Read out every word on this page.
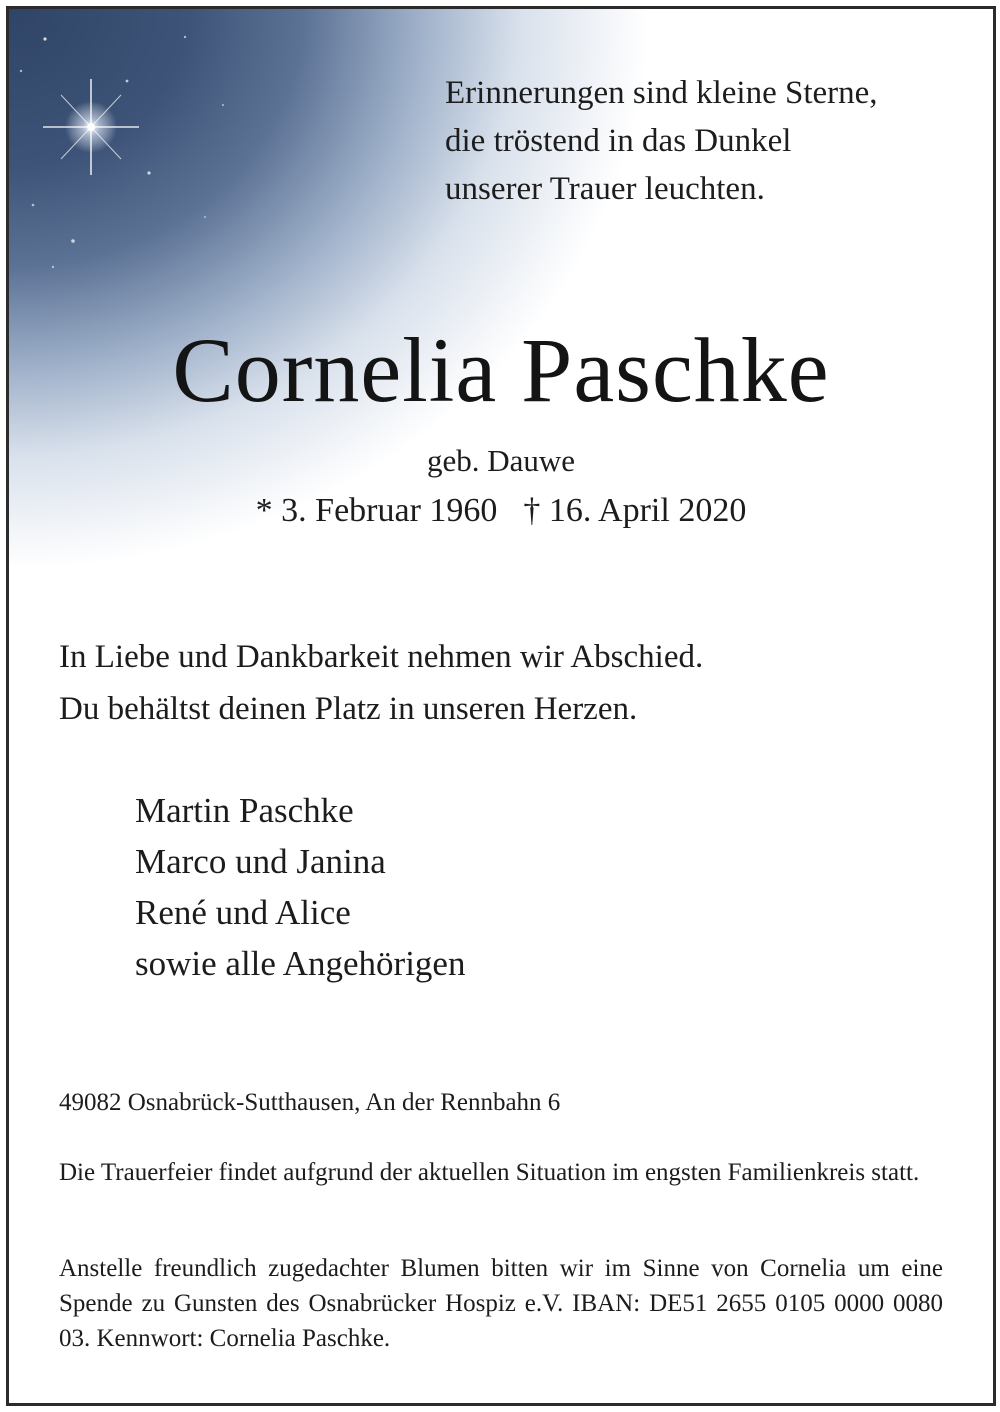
Erinnerungen sind kleine Sterne,
die tröstend in das Dunkel
unserer Trauer leuchten.
Cornelia Paschke
geb. Dauwe
* 3. Februar 1960 † 16. April 2020
In Liebe und Dankbarkeit nehmen wir Abschied.
Du behältst deinen Platz in unseren Herzen.
Martin Paschke
Marco und Janina
René und Alice
sowie alle Angehörigen
49082 Osnabrück-Sutthausen, An der Rennbahn 6
Die Trauerfeier findet aufgrund der aktuellen Situation im engsten Familienkreis statt.
Anstelle freundlich zugedachter Blumen bitten wir im Sinne von Cornelia um eine Spende zu Gunsten des Osnabrücker Hospiz e.V. IBAN: DE51 2655 0105 0000 0080 03. Kennwort: Cornelia Paschke.
